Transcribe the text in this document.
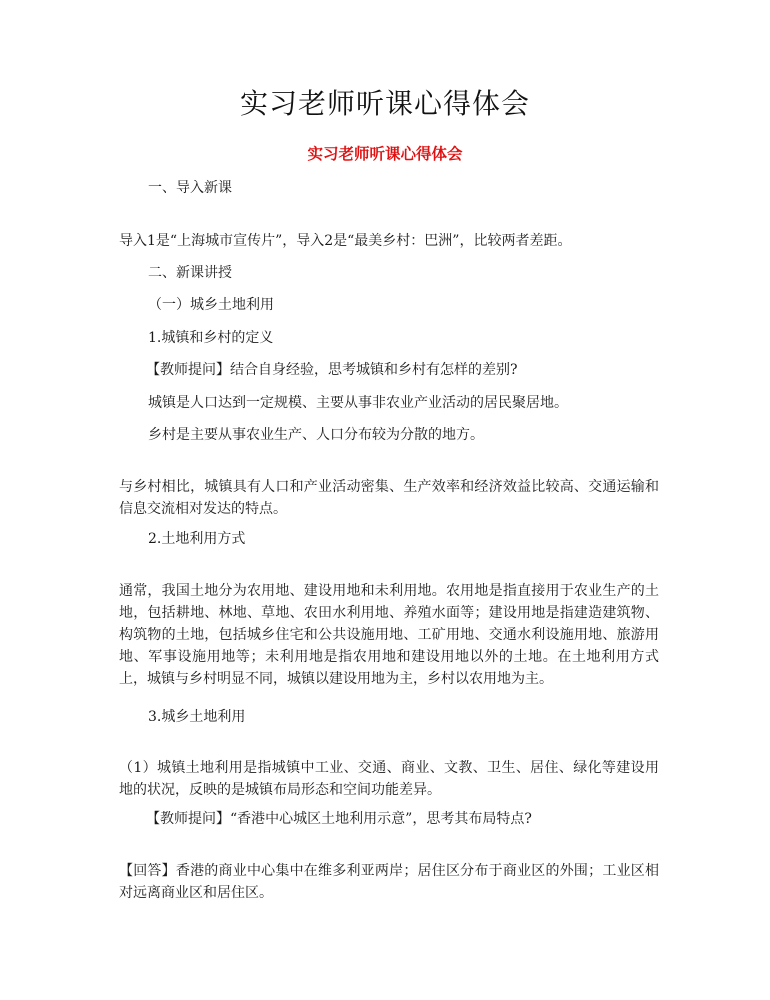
实习老师听课心得体会
实习老师听课心得体会

一、导入新课

导入1是“上海城市宣传片”，导入2是“最美乡村：巴洲”，比较两者差距。

二、新课讲授

（一）城乡土地利用

1.城镇和乡村的定义

【教师提问】结合自身经验，思考城镇和乡村有怎样的差别?

城镇是人口达到一定规模、主要从事非农业产业活动的居民聚居地。

乡村是主要从事农业生产、人口分布较为分散的地方。

与乡村相比，城镇具有人口和产业活动密集、生产效率和经济效益比较高、交通运输和信息交流相对发达的特点。

2.土地利用方式

通常，我国土地分为农用地、建设用地和未利用地。农用地是指直接用于农业生产的土地，包括耕地、林地、草地、农田水利用地、养殖水面等；建设用地是指建造建筑物、构筑物的土地，包括城乡住宅和公共设施用地、工矿用地、交通水利设施用地、旅游用地、军事设施用地等；未利用地是指农用地和建设用地以外的土地。在土地利用方式上，城镇与乡村明显不同，城镇以建设用地为主，乡村以农用地为主。

3.城乡土地利用

（1）城镇土地利用是指城镇中工业、交通、商业、文教、卫生、居住、绿化等建设用地的状况，反映的是城镇布局形态和空间功能差异。

【教师提问】“香港中心城区土地利用示意”，思考其布局特点?

【回答】香港的商业中心集中在维多利亚两岸；居住区分布于商业区的外围；工业区相对远离商业区和居住区。
